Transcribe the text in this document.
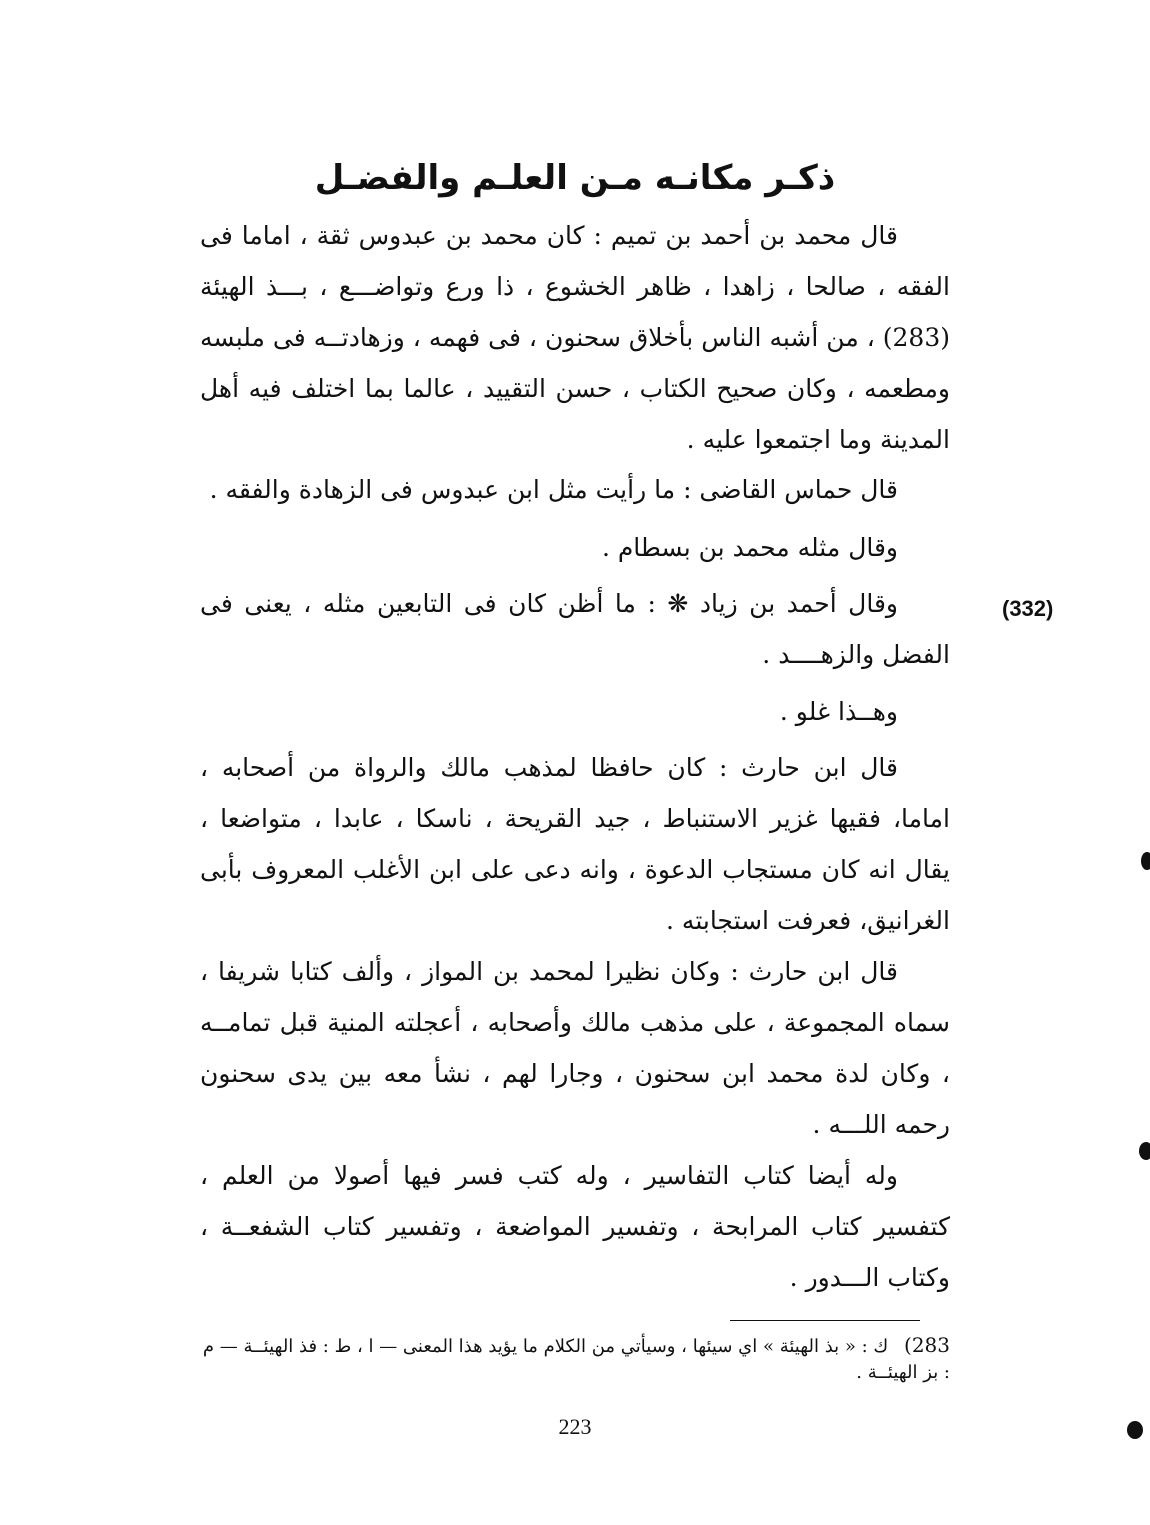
ذكـر مكانـه مـن العلـم والفضـل

قال محمد بن أحمد بن تميم : كان محمد بن عبدوس ثقة ، اماما فى الفقه ، صالحا ، زاهدا ، ظاهر الخشوع ، ذا ورع وتواضـــع ، بـــذ الهيئة (283) ، من أشبه الناس بأخلاق سحنون ، فى فهمه ، وزهادتــه فى ملبسه ومطعمه ، وكان صحيح الكتاب ، حسن التقييد ، عالما بما اختلف فيه أهل المدينة وما اجتمعوا عليه .

قال حماس القاضى : ما رأيت مثل ابن عبدوس فى الزهادة والفقه .

وقال مثله محمد بن بسطام .

وقال أحمد بن زياد ❋ : ما أظن كان فى التابعين مثله ، يعنى فى الفضل والزهــــد .

وهــذا غلو .

قال ابن حارث : كان حافظا لمذهب مالك والرواة من أصحابه ، اماما، فقيها غزير الاستنباط ، جيد القريحة ، ناسكا ، عابدا ، متواضعا ، يقال انه كان مستجاب الدعوة ، وانه دعى على ابن الأغلب المعروف بأبى الغرانيق، فعرفت استجابته .

قال ابن حارث : وكان نظيرا لمحمد بن المواز ، وألف كتابا شريفا ، سماه المجموعة ، على مذهب مالك وأصحابه ، أعجلته المنية قبل تمامــه ، وكان لدة محمد ابن سحنون ، وجارا لهم ، نشأ معه بين يدى سحنون رحمه اللـــه .

وله أيضا كتاب التفاسير ، وله كتب فسر فيها أصولا من العلم ، كتفسير كتاب المرابحة ، وتفسير المواضعة ، وتفسير كتاب الشفعــة ، وكتاب الـــدور .

(332)
283) ك : « بذ الهيئة » اي سيئها ، وسيأتي من الكلام ما يؤيد هذا المعنى — ا ، ط : فذ الهيئــة — م : بز الهيئــة .
223
